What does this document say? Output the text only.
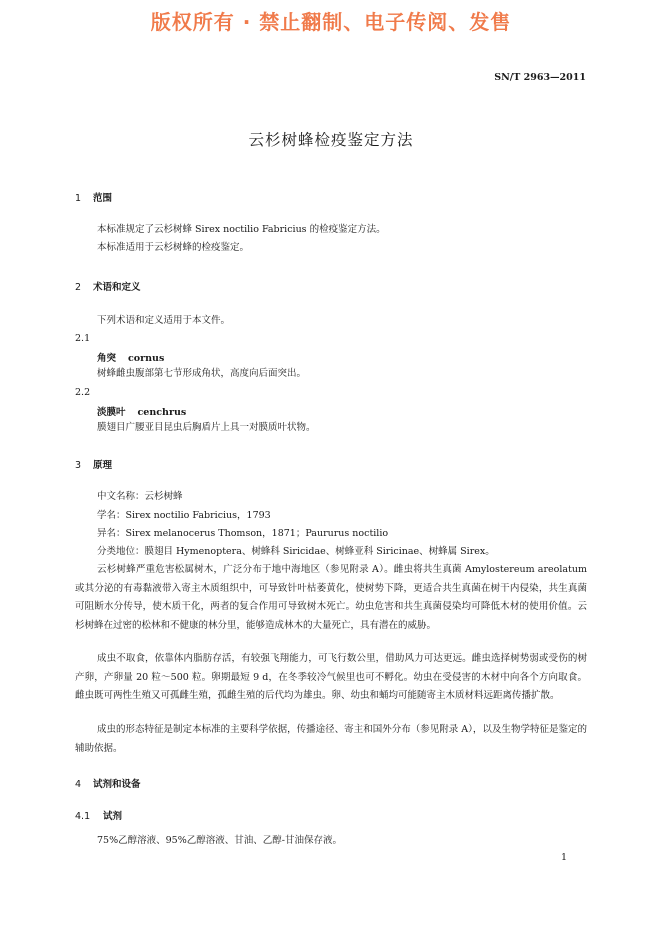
版权所有 · 禁止翻制、电子传阅、发售
SN/T 2963—2011
云杉树蜂检疫鉴定方法
1 范围
本标准规定了云杉树蜂 Sirex noctilio Fabricius 的检疫鉴定方法。
本标准适用于云杉树蜂的检疫鉴定。
2 术语和定义
下列术语和定义适用于本文件。
2.1
角突 cornus
树蜂雌虫腹部第七节形成角状，高度向后面突出。
2.2
淡膜叶 cenchrus
膜翅目广腰亚目昆虫后胸盾片上具一对膜质叶状物。
3 原理
中文名称：云杉树蜂
学名：Sirex noctilio Fabricius，1793
异名：Sirex melanocerus Thomson，1871；Paururus noctilio
分类地位：膜翅目 Hymenoptera、树蜂科 Siricidae、树蜂亚科 Siricinae、树蜂属 Sirex。
云杉树蜂严重危害松属树木，广泛分布于地中海地区（参见附录 A）。雌虫将共生真菌 Amylostereum areolatum 或其分泌的有毒黏液带入寄主木质组织中，可导致针叶枯萎黄化，使树势下降，更适合共生真菌在树干内侵染，共生真菌可阻断水分传导，使木质干化，两者的复合作用可导致树木死亡。幼虫危害和共生真菌侵染均可降低木材的使用价值。云杉树蜂在过密的松林和不健康的林分里，能够造成林木的大量死亡，具有潜在的威胁。
成虫不取食，依靠体内脂肪存活，有较强飞翔能力，可飞行数公里，借助风力可达更远。雌虫选择树势弱或受伤的树产卵，产卵量 20 粒～500 粒。卵期最短 9 d，在冬季较冷气候里也可不孵化。幼虫在受侵害的木材中向各个方向取食。雌虫既可两性生殖又可孤雌生殖，孤雌生殖的后代均为雄虫。卵、幼虫和蛹均可能随寄主木质材料远距离传播扩散。
成虫的形态特征是制定本标准的主要科学依据，传播途径、寄主和国外分布（参见附录 A），以及生物学特征是鉴定的辅助依据。
4 试剂和设备
4.1 试剂
75%乙醇溶液、95%乙醇溶液、甘油、乙醇-甘油保存液。
1
